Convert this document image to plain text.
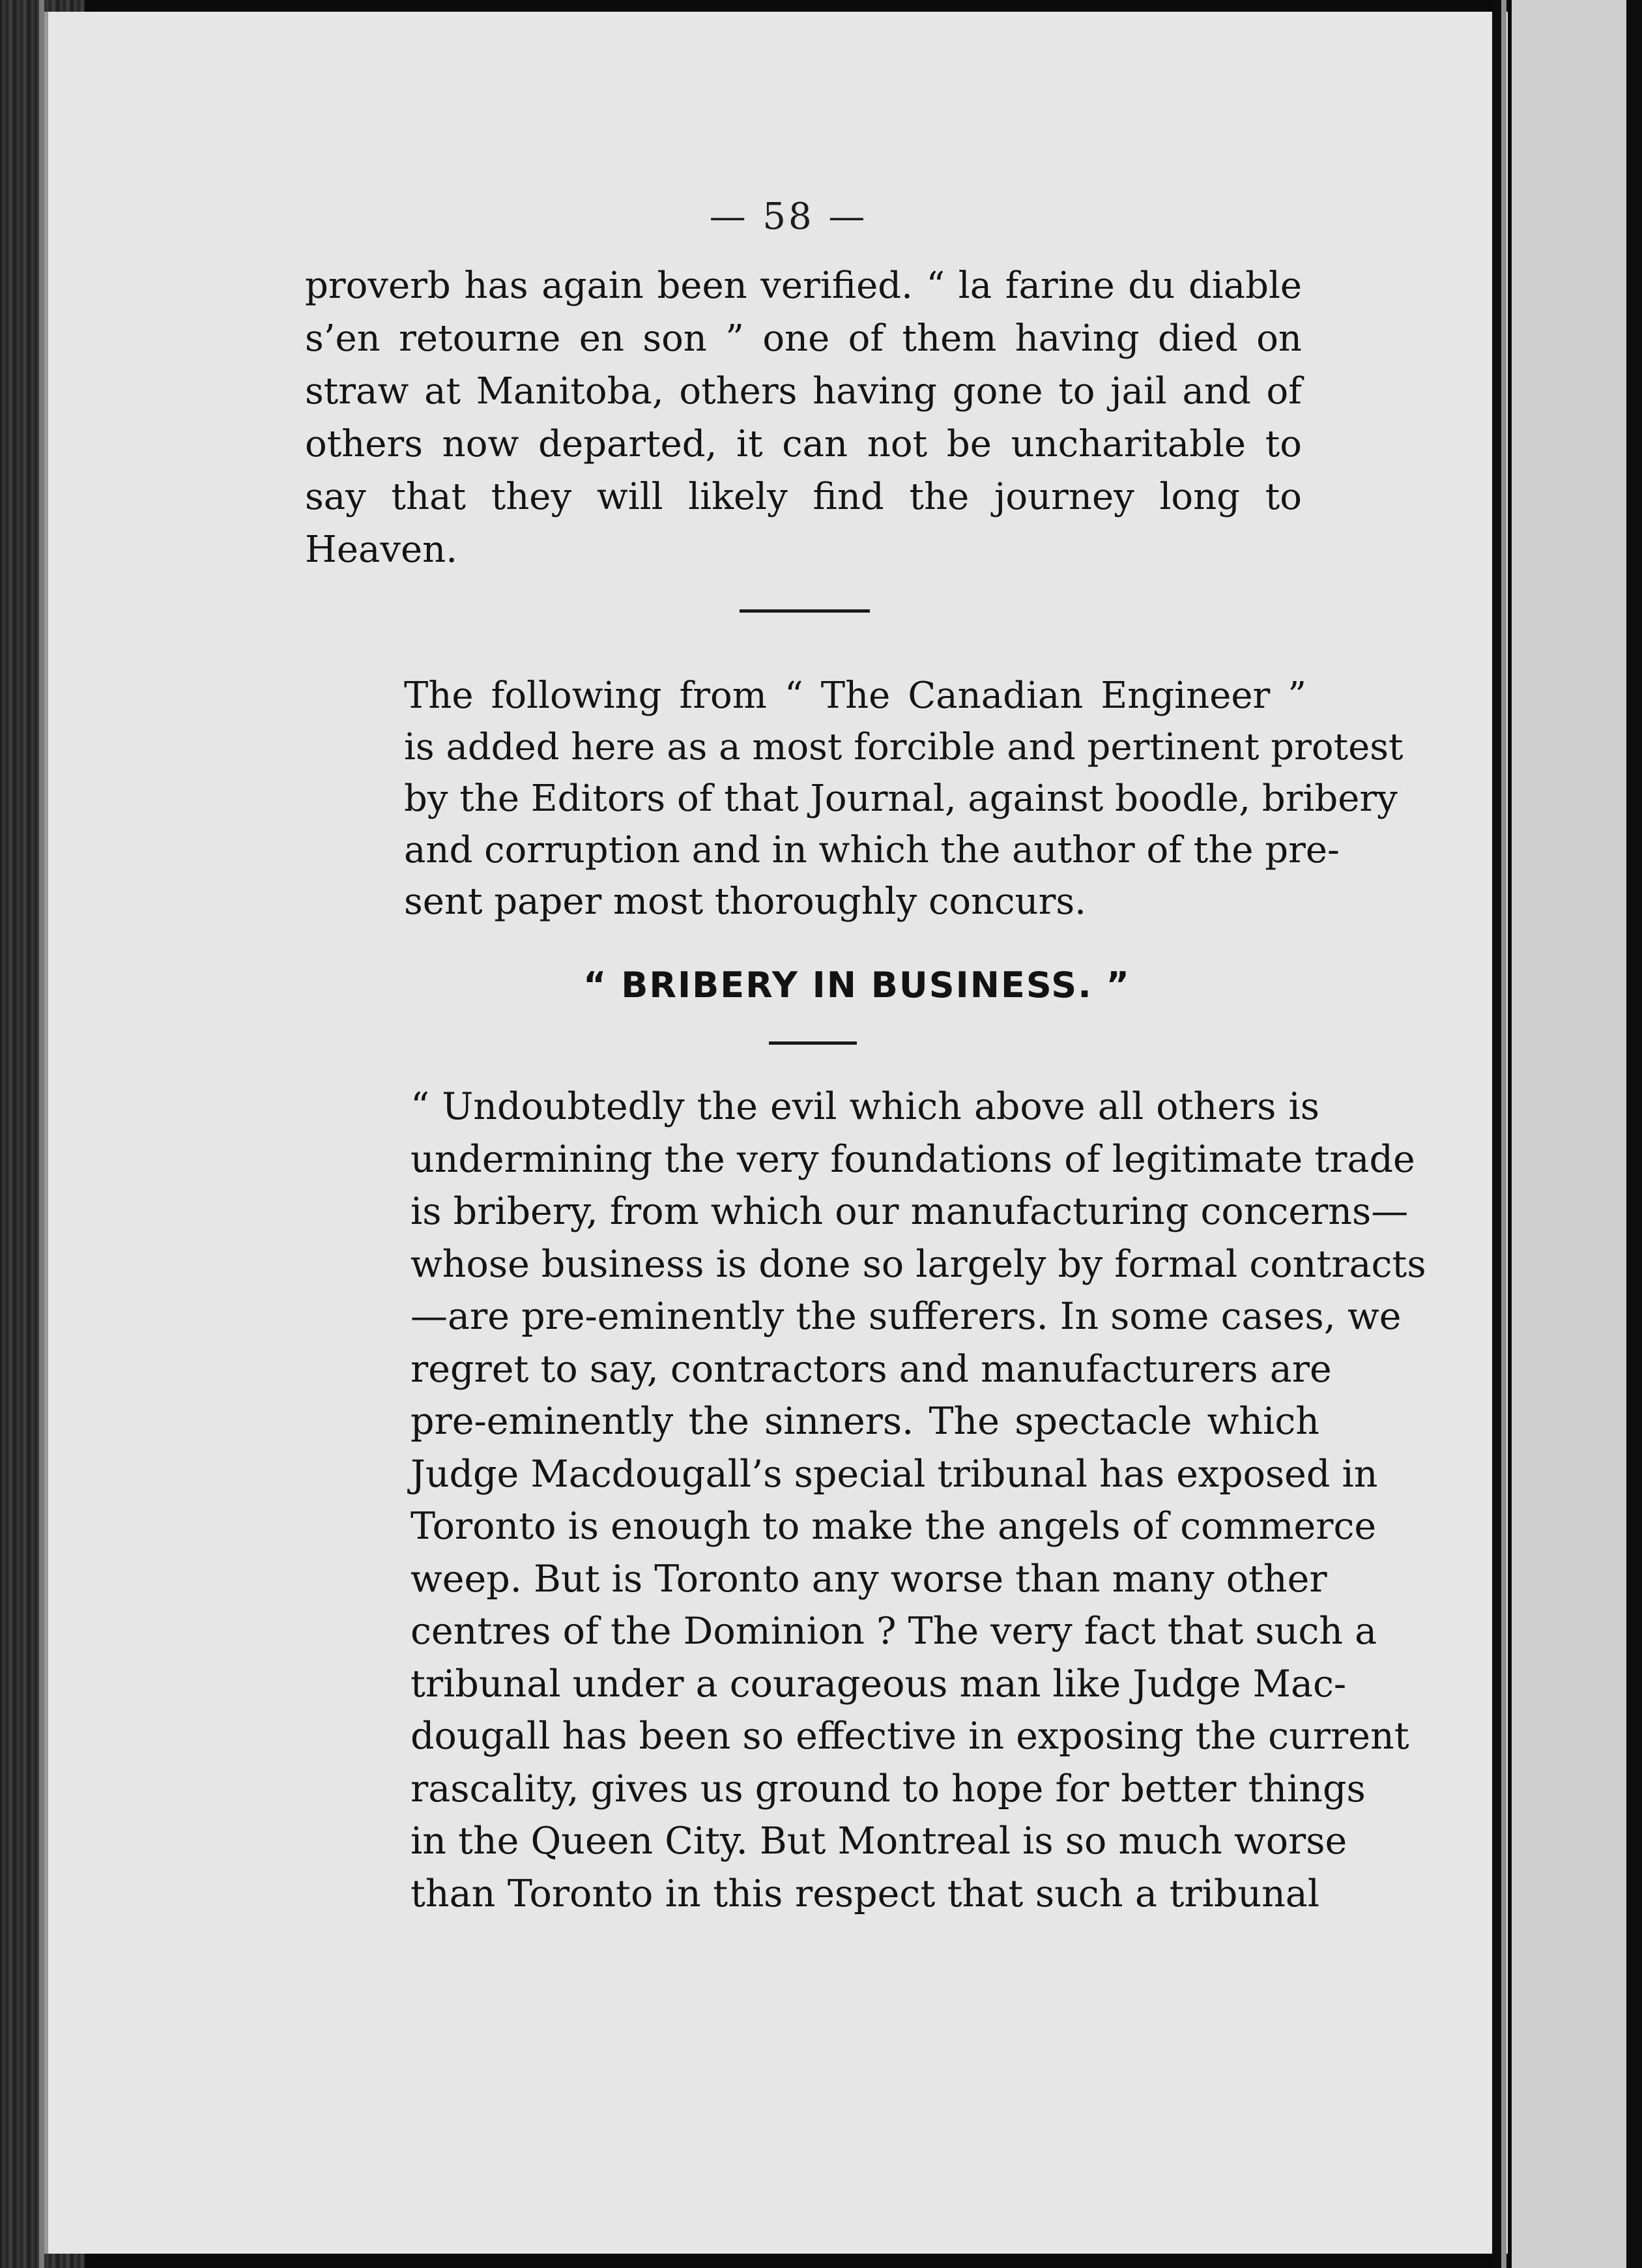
— 58 —
proverb has again been verified. “ la farine du diable
s’en retourne en son ” one of them having died on
straw at Manitoba, others having gone to jail and of
others now departed, it can not be uncharitable to
say that they will likely find the journey long to
Heaven.
The following from “ The Canadian Engineer ”
is added here as a most forcible and pertinent protest
by the Editors of that Journal, against boodle, bribery
and corruption and in which the author of the pre-
sent paper most thoroughly concurs.
“ BRIBERY IN BUSINESS. ”
“ Undoubtedly the evil which above all others is
undermining the very foundations of legitimate trade
is bribery, from which our manufacturing concerns—
whose business is done so largely by formal contracts
—are pre-eminently the sufferers. In some cases, we
regret to say, contractors and manufacturers are
pre-eminently the sinners. The spectacle which
Judge Macdougall’s special tribunal has exposed in
Toronto is enough to make the angels of commerce
weep. But is Toronto any worse than many other
centres of the Dominion ? The very fact that such a
tribunal under a courageous man like Judge Mac-
dougall has been so effective in exposing the current
rascality, gives us ground to hope for better things
in the Queen City. But Montreal is so much worse
than Toronto in this respect that such a tribunal
